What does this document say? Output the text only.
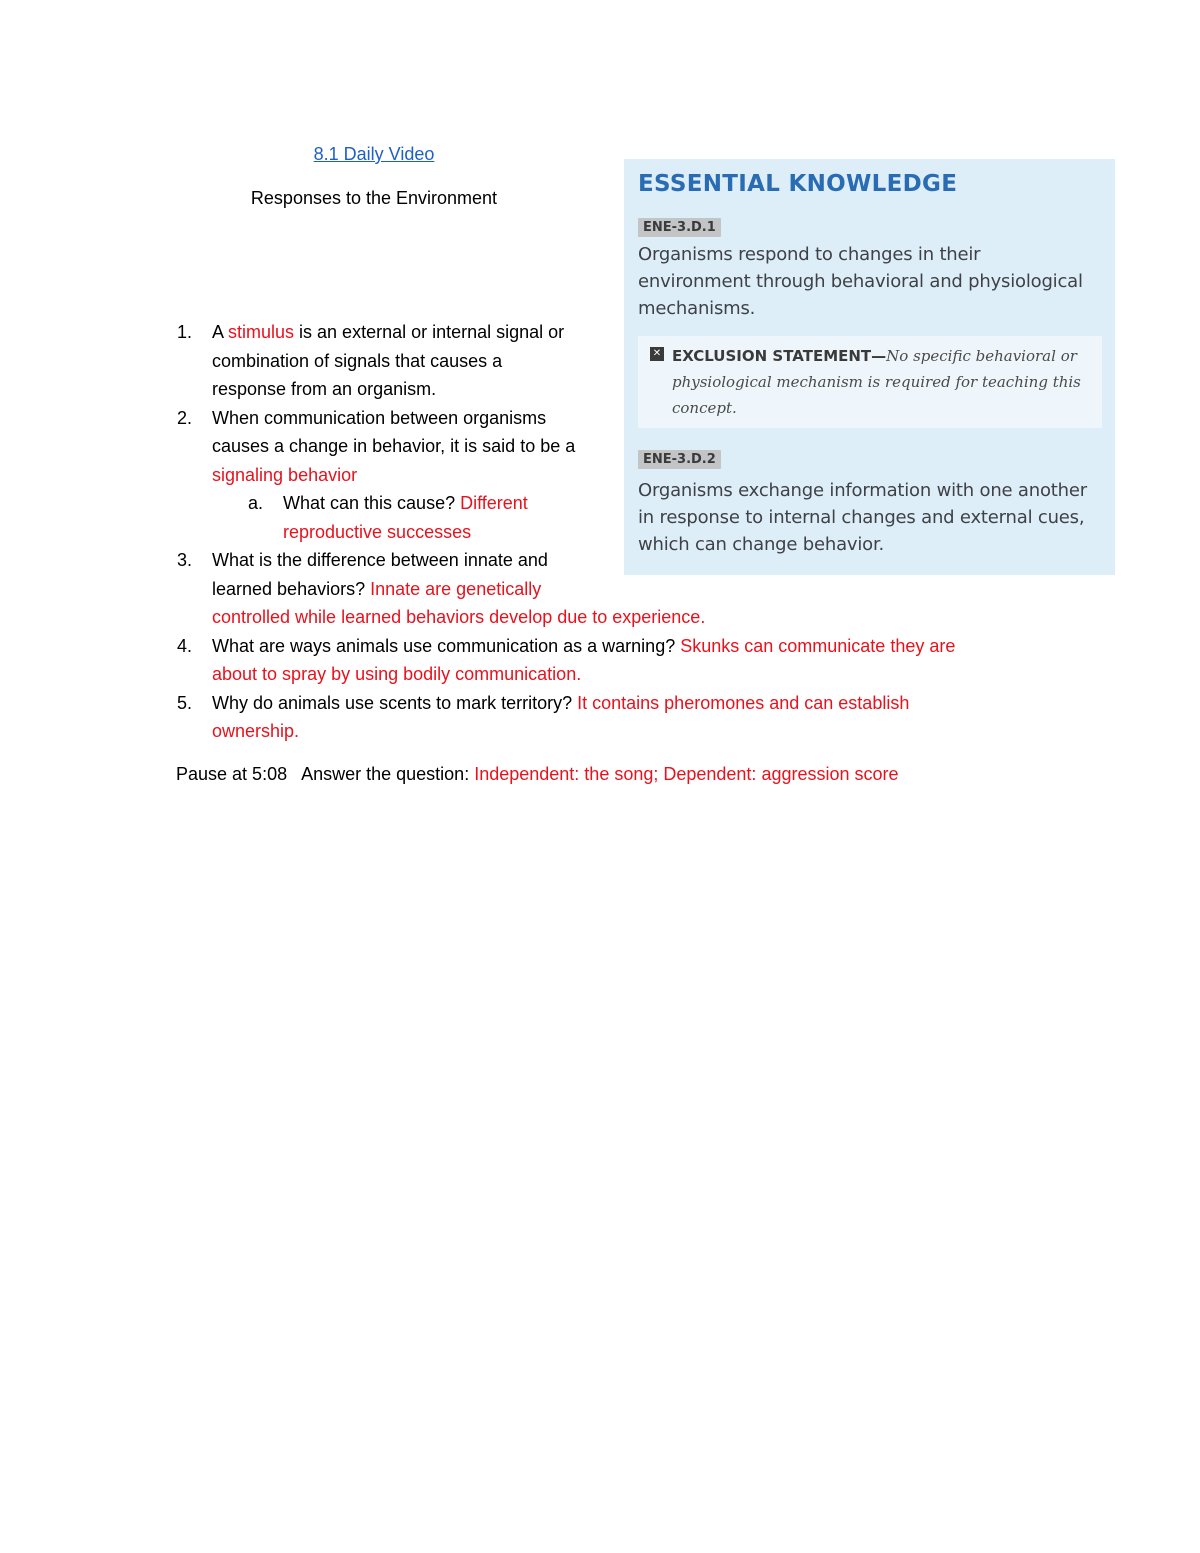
8.1 Daily Video
Responses to the Environment
1. A stimulus is an external or internal signal or
combination of signals that causes a
response from an organism.
2. When communication between organisms
causes a change in behavior, it is said to be a
signaling behavior
a. What can this cause? Different
reproductive successes
3. What is the difference between innate and
learned behaviors? Innate are genetically
controlled while learned behaviors develop due to experience.
4. What are ways animals use communication as a warning? Skunks can communicate they are
about to spray by using bodily communication.
5. Why do animals use scents to mark territory? It contains pheromones and can establish
ownership.
Pause at 5:08   Answer the question: Independent: the song; Dependent: aggression score
ESSENTIAL KNOWLEDGE
ENE-3.D.1
Organisms respond to changes in their environment through behavioral and physiological mechanisms.
✕ EXCLUSION STATEMENT—No specific behavioral or physiological mechanism is required for teaching this concept.
ENE-3.D.2
Organisms exchange information with one another in response to internal changes and external cues, which can change behavior.
